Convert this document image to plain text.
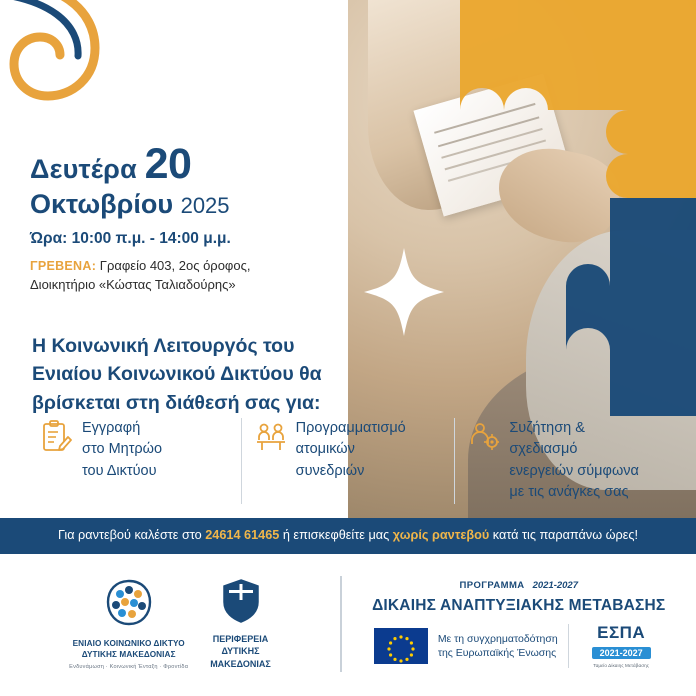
Δευτέρα 20
Οκτωβρίου 2025
Ώρα: 10:00 π.μ. - 14:00 μ.μ.
ΓΡΕΒΕΝΑ: Γραφείο 403, 2ος όροφος,
Διοικητήριο «Κώστας Ταλιαδούρης»
Η Κοινωνική Λειτουργός του
Ενιαίου Κοινωνικού Δικτύου θα
βρίσκεται στη διάθεσή σας για:
Εγγραφή
στο Μητρώο
του Δικτύου
Προγραμματισμό
ατομικών
συνεδριών
Συζήτηση & σχεδιασμό
ενεργειών σύμφωνα
με τις ανάγκες σας
Για ραντεβού καλέστε στο 24614 61465 ή επισκεφθείτε μας χωρίς ραντεβού κατά τις παραπάνω ώρες!
ΕΝΙΑΙΟ ΚΟΙΝΩΝΙΚΟ ΔΙΚΤΥΟ
ΔΥΤΙΚΗΣ ΜΑΚΕΔΟΝΙΑΣ
Ενδυνάμωση · Κοινωνική Ένταξη · Φροντίδα
ΠΕΡΙΦΕΡΕΙΑ
ΔΥΤΙΚΗΣ
ΜΑΚΕΔΟΝΙΑΣ
ΠΡΟΓΡΑΜΜΑ 2021-2027
ΔΙΚΑΙΗΣ ΑΝΑΠΤΥΞΙΑΚΗΣ ΜΕΤΑΒΑΣΗΣ
Με τη συγχρηματοδότηση
της Ευρωπαϊκής Ένωσης
ΕΣΠΑ
2021-2027
Ταμείο Δίκαιης Μετάβασης
